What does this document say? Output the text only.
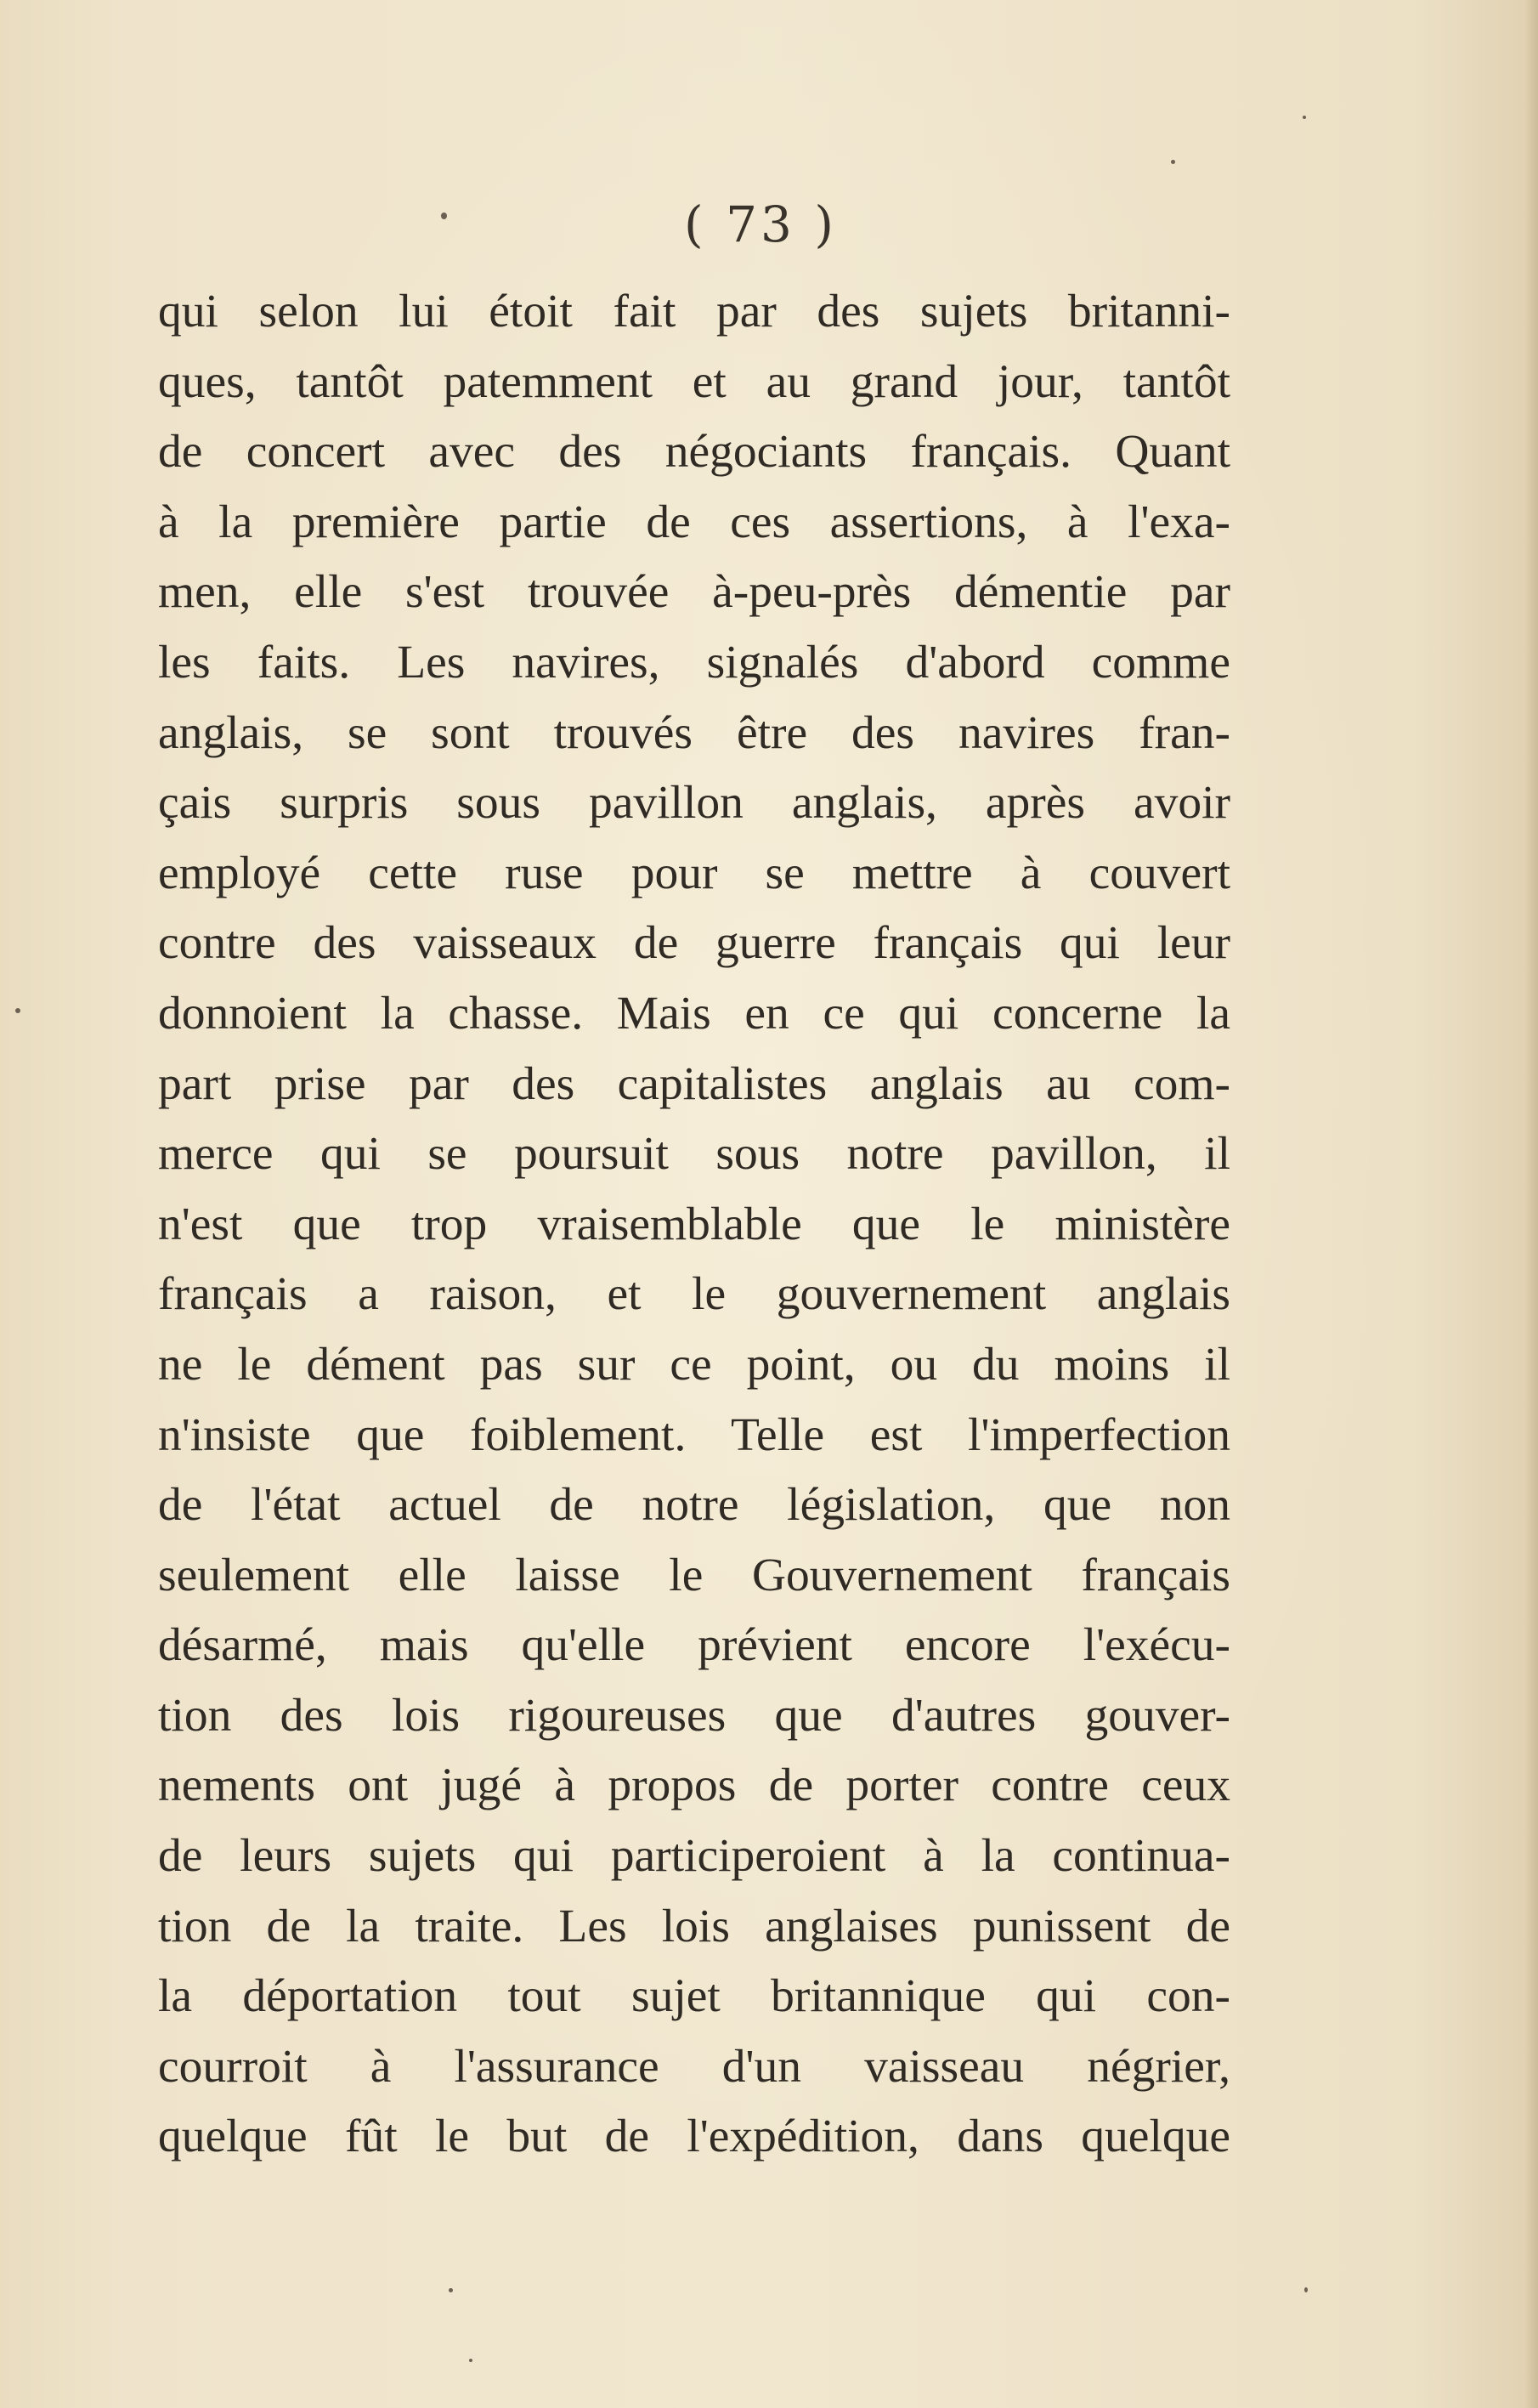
( 73 )
qui selon lui étoit fait par des sujets britanni-
ques, tantôt patemment et au grand jour, tantôt
de concert avec des négociants français. Quant
à la première partie de ces assertions, à l'exa-
men, elle s'est trouvée à-peu-près démentie par
les faits. Les navires, signalés d'abord comme
anglais, se sont trouvés être des navires fran-
çais surpris sous pavillon anglais, après avoir
employé cette ruse pour se mettre à couvert
contre des vaisseaux de guerre français qui leur
donnoient la chasse. Mais en ce qui concerne la
part prise par des capitalistes anglais au com-
merce qui se poursuit sous notre pavillon, il
n'est que trop vraisemblable que le ministère
français a raison, et le gouvernement anglais
ne le dément pas sur ce point, ou du moins il
n'insiste que foiblement. Telle est l'imperfection
de l'état actuel de notre législation, que non
seulement elle laisse le Gouvernement français
désarmé, mais qu'elle prévient encore l'exécu-
tion des lois rigoureuses que d'autres gouver-
nements ont jugé à propos de porter contre ceux
de leurs sujets qui participeroient à la continua-
tion de la traite. Les lois anglaises punissent de
la déportation tout sujet britannique qui con-
courroit à l'assurance d'un vaisseau négrier,
quelque fût le but de l'expédition, dans quelque
